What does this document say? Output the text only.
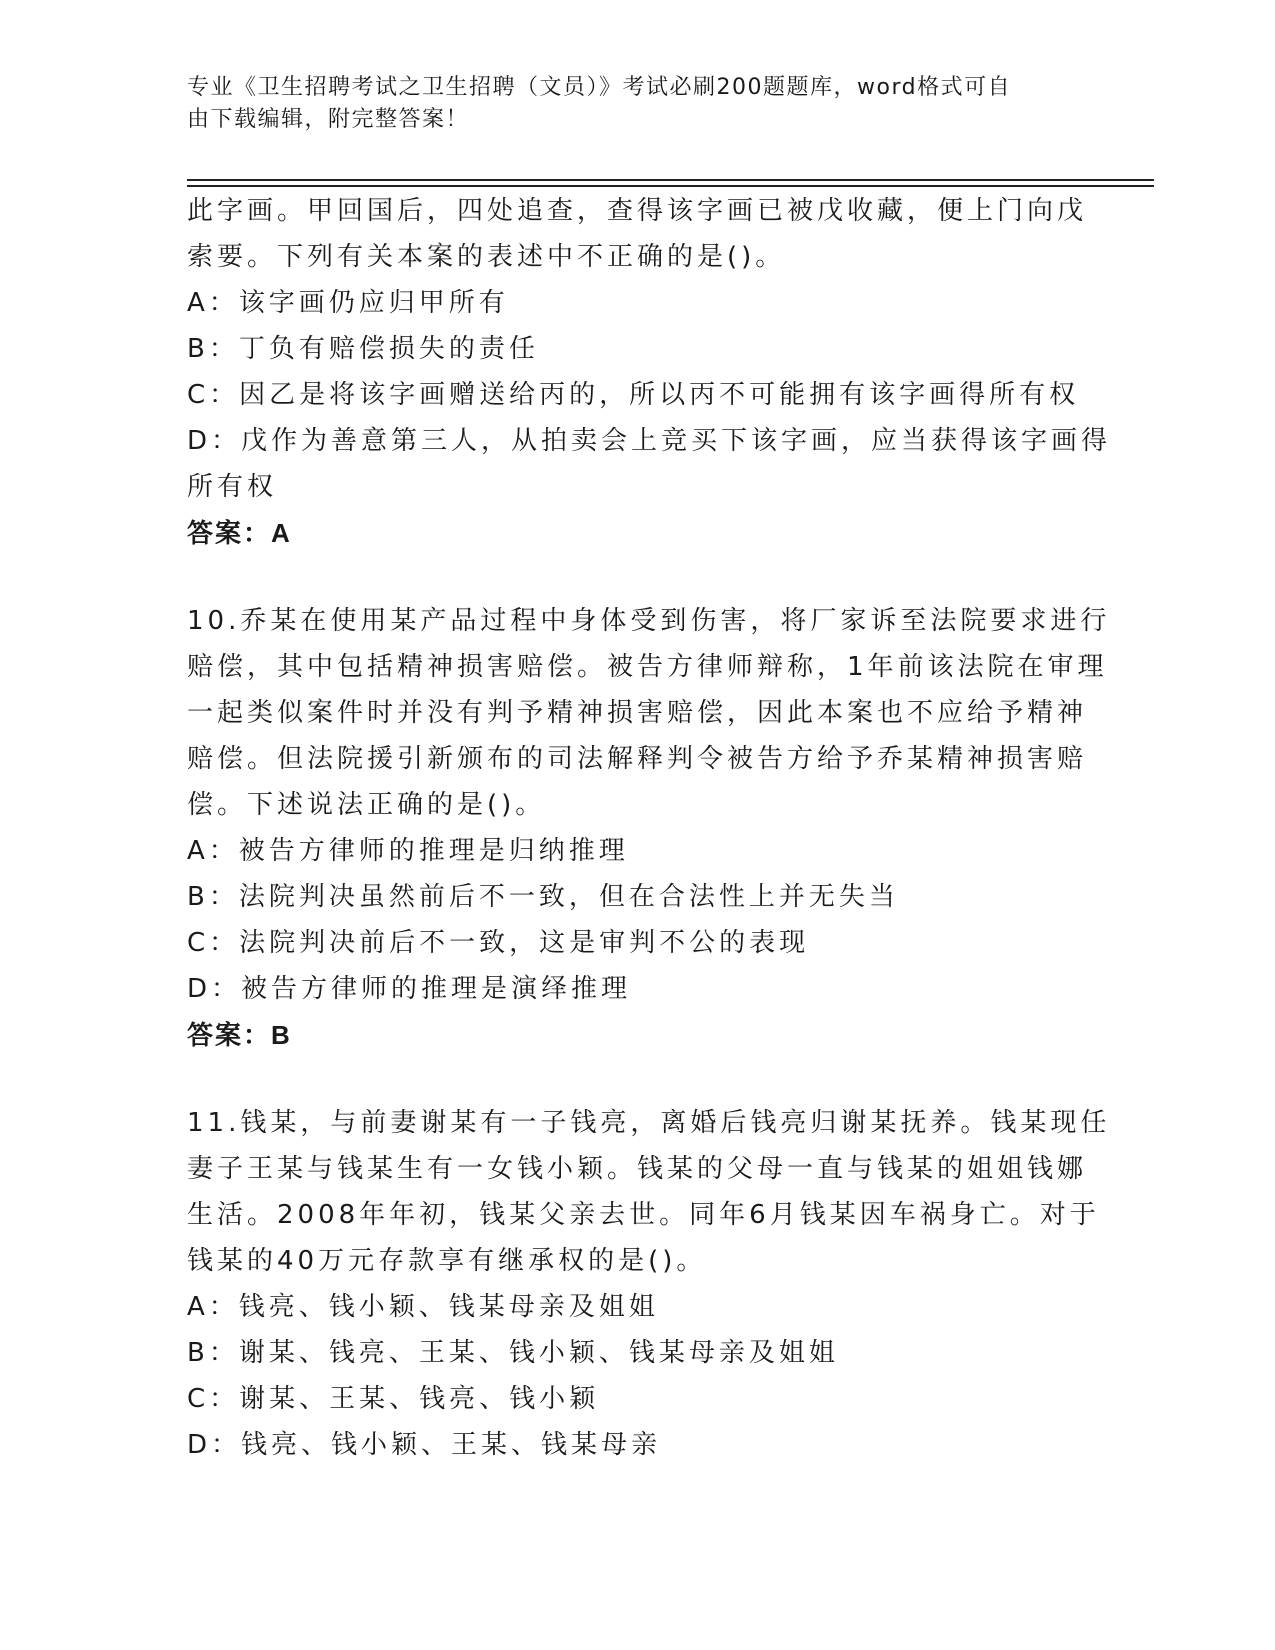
专业《卫生招聘考试之卫生招聘（文员）》考试必刷200题题库，word格式可自
由下载编辑，附完整答案！
此字画。甲回国后，四处追查，查得该字画已被戊收藏，便上门向戊
索要。下列有关本案的表述中不正确的是()。
A：该字画仍应归甲所有
B：丁负有赔偿损失的责任
C：因乙是将该字画赠送给丙的，所以丙不可能拥有该字画得所有权
D：戊作为善意第三人，从拍卖会上竞买下该字画，应当获得该字画得
所有权
答案：A
10.乔某在使用某产品过程中身体受到伤害，将厂家诉至法院要求进行
赔偿，其中包括精神损害赔偿。被告方律师辩称，1年前该法院在审理
一起类似案件时并没有判予精神损害赔偿，因此本案也不应给予精神
赔偿。但法院援引新颁布的司法解释判令被告方给予乔某精神损害赔
偿。下述说法正确的是()。
A：被告方律师的推理是归纳推理
B：法院判决虽然前后不一致，但在合法性上并无失当
C：法院判决前后不一致，这是审判不公的表现
D：被告方律师的推理是演绎推理
答案：B
11.钱某，与前妻谢某有一子钱亮，离婚后钱亮归谢某抚养。钱某现任
妻子王某与钱某生有一女钱小颖。钱某的父母一直与钱某的姐姐钱娜
生活。2008年年初，钱某父亲去世。同年6月钱某因车祸身亡。对于
钱某的40万元存款享有继承权的是()。
A：钱亮、钱小颖、钱某母亲及姐姐
B：谢某、钱亮、王某、钱小颖、钱某母亲及姐姐
C：谢某、王某、钱亮、钱小颖
D：钱亮、钱小颖、王某、钱某母亲
